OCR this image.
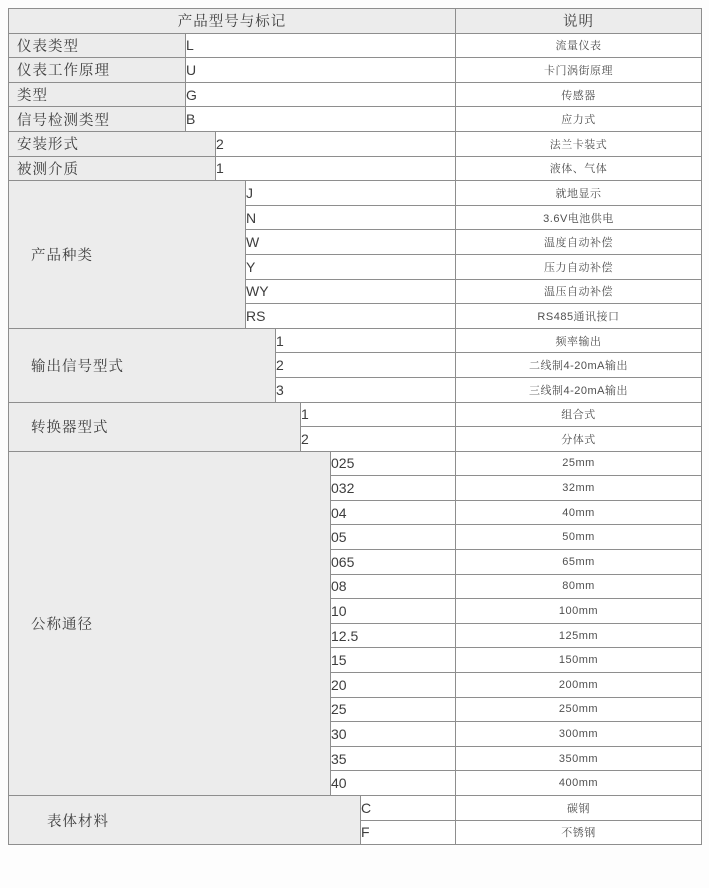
产品型号与标记								说明
仪表类型	L							流量仪表
仪表工作原理	U							卡门涡街原理
类型	G							传感器
信号检测类型	B							应力式
安装形式		2						法兰卡装式
被测介质		1						液体、气体
产品种类			J					就地显示
			N					3.6V电池供电
			W					温度自动补偿
			Y					压力自动补偿
			WY					温压自动补偿
			RS					RS485通讯接口
输出信号型式				1				频率输出
				2				二线制4-20mA输出
				3				三线制4-20mA输出
转换器型式					1			组合式
					2			分体式
公称通径						025		25mm
						032		32mm
						04		40mm
						05		50mm
						065		65mm
						08		80mm
						10		100mm
						12.5		125mm
						15		150mm
						20		200mm
						25		250mm
						30		300mm
						35		350mm
						40		400mm
表体材料							C	碳钢
							F	不锈钢
